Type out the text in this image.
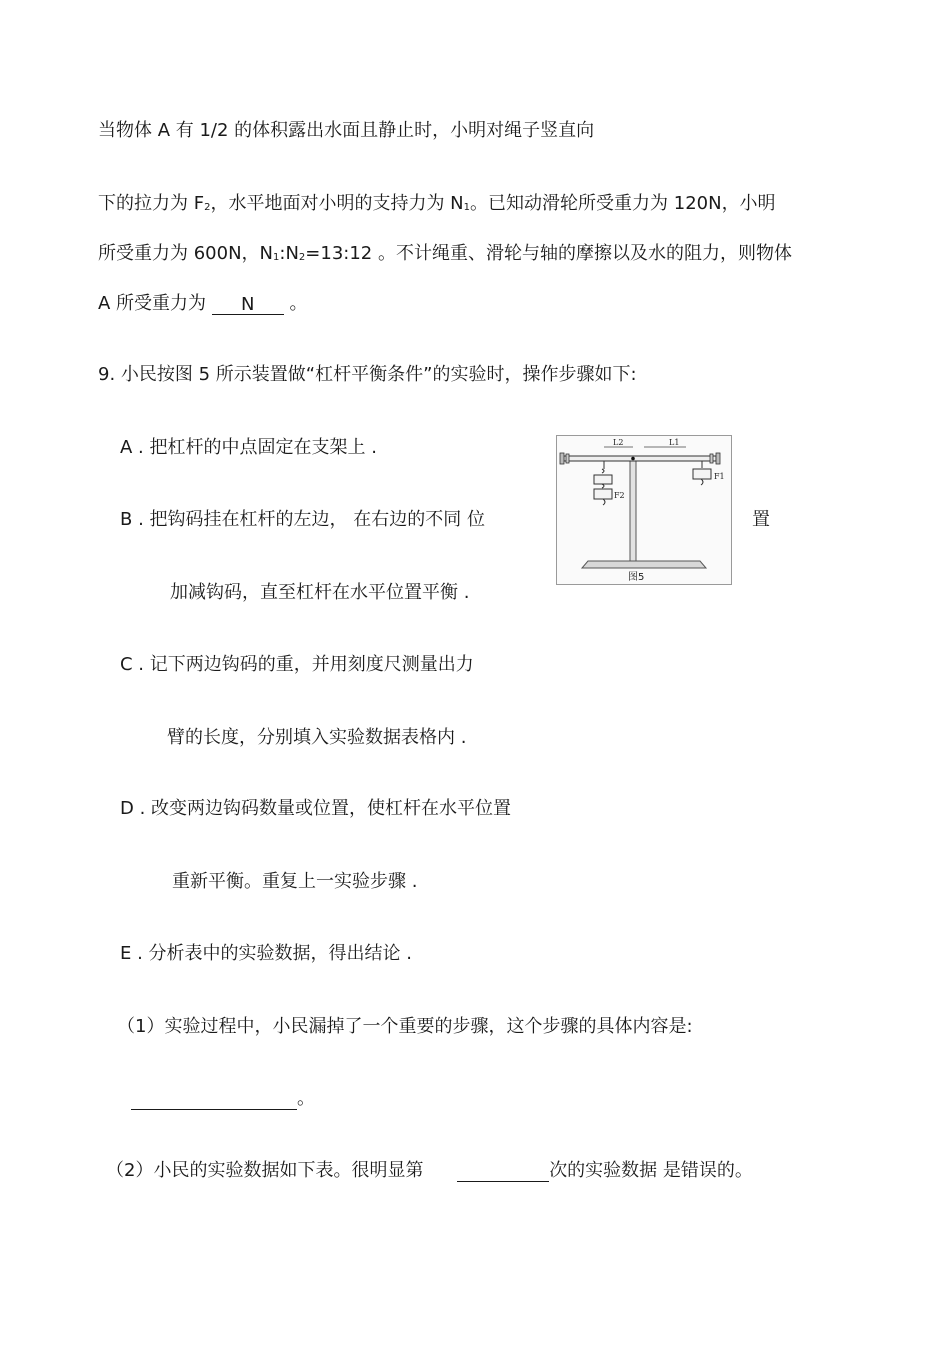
当物体 A 有 1/2 的体积露出水面且静止时，小明对绳子竖直向
下的拉力为 $F_2$，水平地面对小明的支持力为 $N_1$。已知动滑轮所受重力为 120N，小明
所受重力为 600N，$N_1:N_2=13:12$ 。不计绳重、滑轮与轴的摩擦以及水的阻力，则物体
A 所受重力为 N 。
9. 小民按图 5 所示装置做“杠杆平衡条件”的实验时，操作步骤如下:
A . 把杠杆的中点固定在支架上 .
B . 把钩码挂在杠杆的左边， 在右边的不同 位	置
加减钩码，直至杠杆在水平位置平衡 .
C . 记下两边钩码的重，并用刻度尺测量出力
臂的长度，分别填入实验数据表格内 .
D . 改变两边钩码数量或位置，使杠杆在水平位置
重新平衡。重复上一实验步骤 .
E . 分析表中的实验数据，得出结论 .
（1）实验过程中，小民漏掉了一个重要的步骤，这个步骤的具体内容是:
。
（2）小民的实验数据如下表。很明显第	次的实验数据 是错误的。
L2	L1
F2
F1
图5
